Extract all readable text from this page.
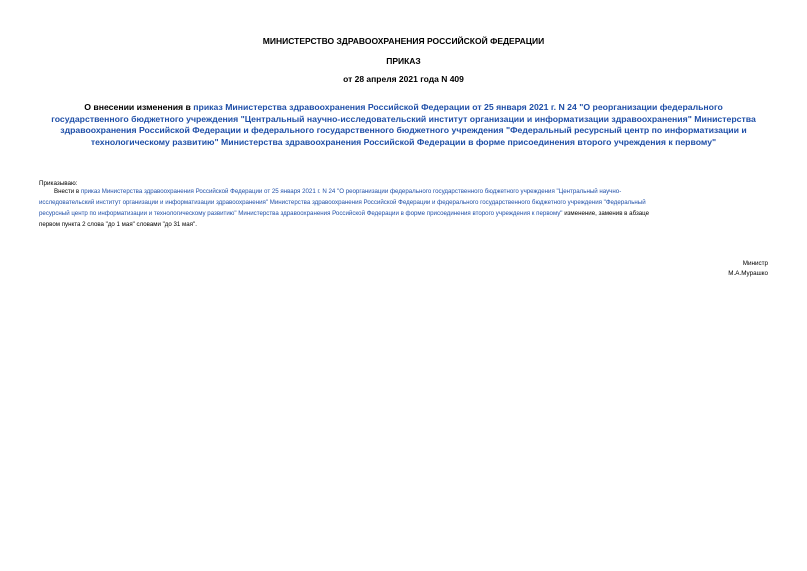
МИНИСТЕРСТВО ЗДРАВООХРАНЕНИЯ РОССИЙСКОЙ ФЕДЕРАЦИИ
ПРИКАЗ
от 28 апреля 2021 года N 409
О внесении изменения в приказ Министерства здравоохранения Российской Федерации от 25 января 2021 г. N 24 "О реорганизации федерального
государственного бюджетного учреждения "Центральный научно-исследовательский институт организации и информатизации здравоохранения" Министерства
здравоохранения Российской Федерации и федерального государственного бюджетного учреждения "Федеральный ресурсный центр по информатизации и
технологическому развитию" Министерства здравоохранения Российской Федерации в форме присоединения второго учреждения к первому"
Приказываю:
Внести в приказ Министерства здравоохранения Российской Федерации от 25 января 2021 г. N 24 "О реорганизации федерального государственного бюджетного учреждения "Центральный научно-
исследовательский институт организации и информатизации здравоохранения" Министерства здравоохранения Российской Федерации и федерального государственного бюджетного учреждения "Федеральный
ресурсный центр по информатизации и технологическому развитию" Министерства здравоохранения Российской Федерации в форме присоединения второго учреждения к первому" изменение, заменив в абзаце
первом пункта 2 слова "до 1 мая" словами "до 31 мая".
Министр
М.А.Мурашко
